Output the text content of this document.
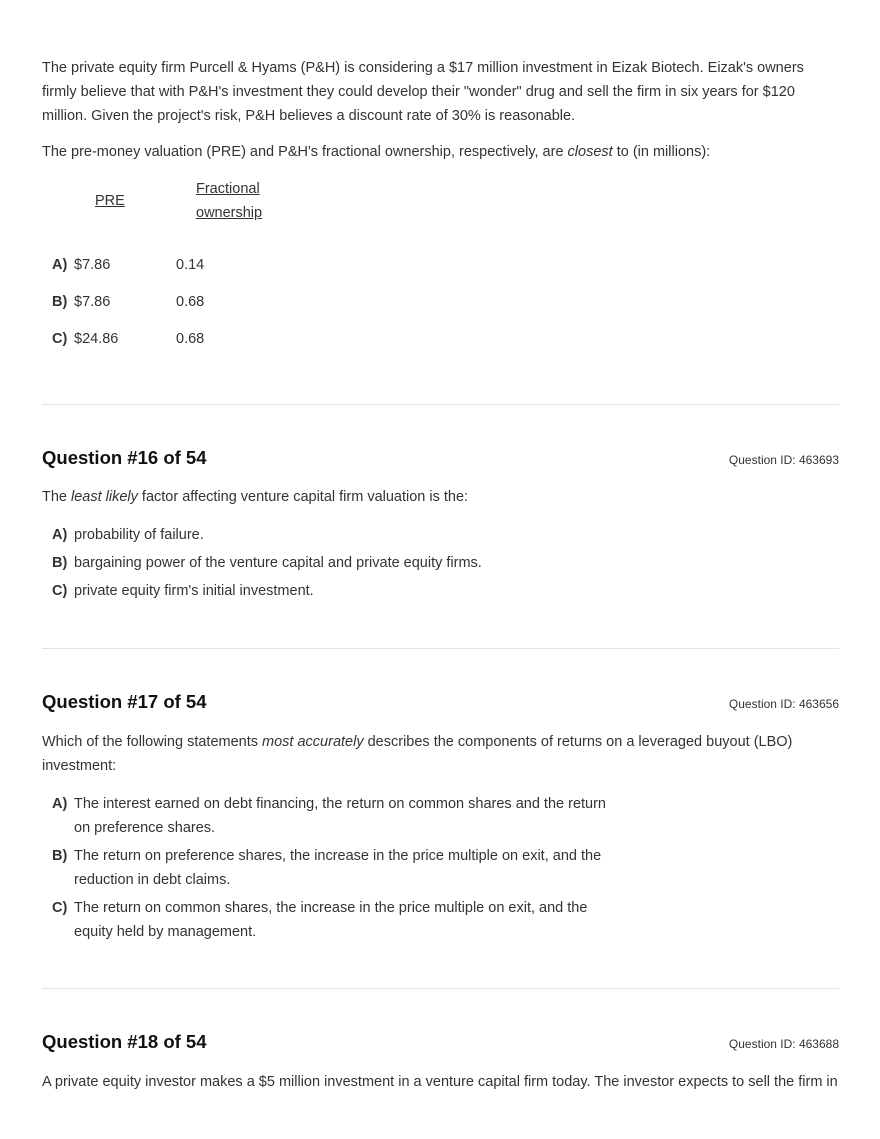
The private equity firm Purcell & Hyams (P&H) is considering a $17 million investment in Eizak Biotech. Eizak's owners firmly believe that with P&H's investment they could develop their "wonder" drug and sell the firm in six years for $120 million. Given the project's risk, P&H believes a discount rate of 30% is reasonable.

The pre-money valuation (PRE) and P&H's fractional ownership, respectively, are closest to (in millions):

PRE
Fractional
ownership
A) $7.86	0.14
B) $7.86	0.68
C) $24.86	0.68
Question #16 of 54	Question ID: 463693

The least likely factor affecting venture capital firm valuation is the:

A) probability of failure.
B) bargaining power of the venture capital and private equity firms.
C) private equity firm's initial investment.
Question #17 of 54	Question ID: 463656

Which of the following statements most accurately describes the components of returns on a leveraged buyout (LBO) investment:

A) The interest earned on debt financing, the return on common shares and the return on preference shares.
B) The return on preference shares, the increase in the price multiple on exit, and the reduction in debt claims.
C) The return on common shares, the increase in the price multiple on exit, and the equity held by management.
Question #18 of 54	Question ID: 463688

A private equity investor makes a $5 million investment in a venture capital firm today. The investor expects to sell the firm in
